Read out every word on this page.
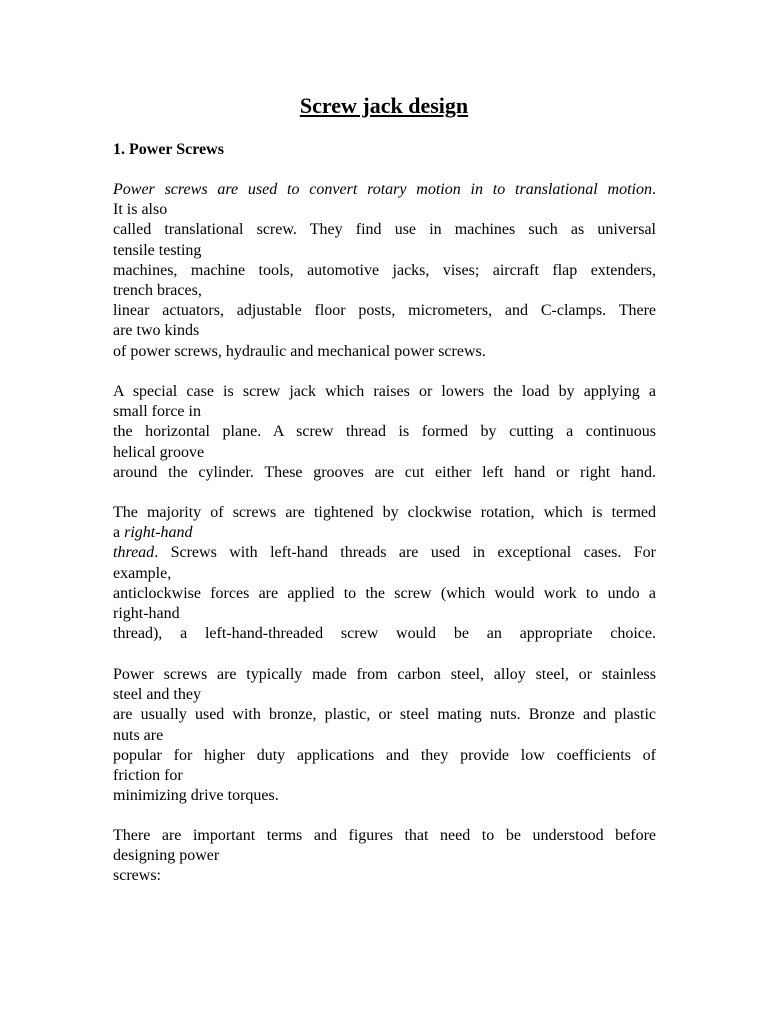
Screw jack design
1. Power Screws
Power screws are used to convert rotary motion in to translational motion.
It is also
called translational screw. They find use in machines such as universal
tensile testing
machines, machine tools, automotive jacks, vises; aircraft flap extenders,
trench braces,
linear actuators, adjustable floor posts, micrometers, and C-clamps. There
are two kinds
of power screws, hydraulic and mechanical power screws.
A special case is screw jack which raises or lowers the load by applying a
small force in
the horizontal plane. A screw thread is formed by cutting a continuous
helical groove
around the cylinder. These grooves are cut either left hand or right hand.
The majority of screws are tightened by clockwise rotation, which is termed
a right-hand
thread. Screws with left-hand threads are used in exceptional cases. For
example,
anticlockwise forces are applied to the screw (which would work to undo a
right-hand
thread), a left-hand-threaded screw would be an appropriate choice.
Power screws are typically made from carbon steel, alloy steel, or stainless
steel and they
are usually used with bronze, plastic, or steel mating nuts. Bronze and plastic
nuts are
popular for higher duty applications and they provide low coefficients of
friction for
minimizing drive torques.
There are important terms and figures that need to be understood before
designing power
screws:
